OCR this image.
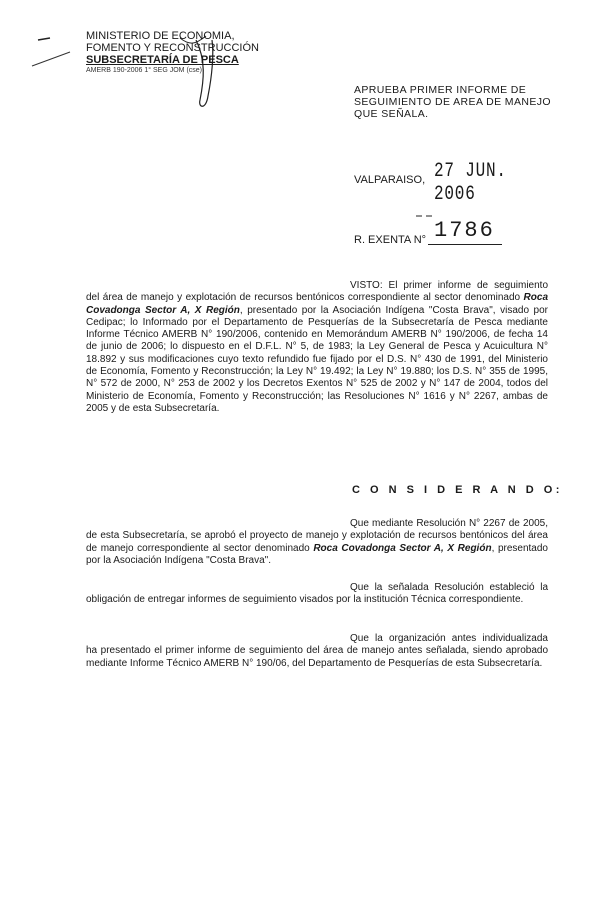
MINISTERIO DE ECONOMIA,
FOMENTO Y RECONSTRUCCIÓN
SUBSECRETARÍA DE PESCA
AMERB 190-2006 1° SEG JOM (cse)
APRUEBA PRIMER INFORME DE SEGUIMIENTO DE AREA DE MANEJO QUE SEÑALA.
VALPARAISO, 27 JUN. 2006
R. EXENTA N° 1786

VISTO: El primer informe de seguimiento del área de manejo y explotación de recursos bentónicos correspondiente al sector denominado Roca Covadonga Sector A, X Región, presentado por la Asociación Indígena "Costa Brava", visado por Cedipac; lo Informado por el Departamento de Pesquerías de la Subsecretaría de Pesca mediante Informe Técnico AMERB N° 190/2006, contenido en Memorándum AMERB N° 190/2006, de fecha 14 de junio de 2006; lo dispuesto en el D.F.L. N° 5, de 1983; la Ley General de Pesca y Acuicultura N° 18.892 y sus modificaciones cuyo texto refundido fue fijado por el D.S. N° 430 de 1991, del Ministerio de Economía, Fomento y Reconstrucción; la Ley N° 19.492; la Ley N° 19.880; los D.S. N° 355 de 1995, N° 572 de 2000, N° 253 de 2002 y los Decretos Exentos N° 525 de 2002 y N° 147 de 2004, todos del Ministerio de Economía, Fomento y Reconstrucción; las Resoluciones N° 1616 y N° 2267, ambas de 2005 y de esta Subsecretaría.

C O N S I D E R A N D O:

Que mediante Resolución N° 2267 de 2005, de esta Subsecretaría, se aprobó el proyecto de manejo y explotación de recursos bentónicos del área de manejo correspondiente al sector denominado Roca Covadonga Sector A, X Región, presentado por la Asociación Indígena "Costa Brava".

Que la señalada Resolución estableció la obligación de entregar informes de seguimiento visados por la institución Técnica correspondiente.

Que la organización antes individualizada ha presentado el primer informe de seguimiento del área de manejo antes señalada, siendo aprobado mediante Informe Técnico AMERB N° 190/06, del Departamento de Pesquerías de esta Subsecretaría.
